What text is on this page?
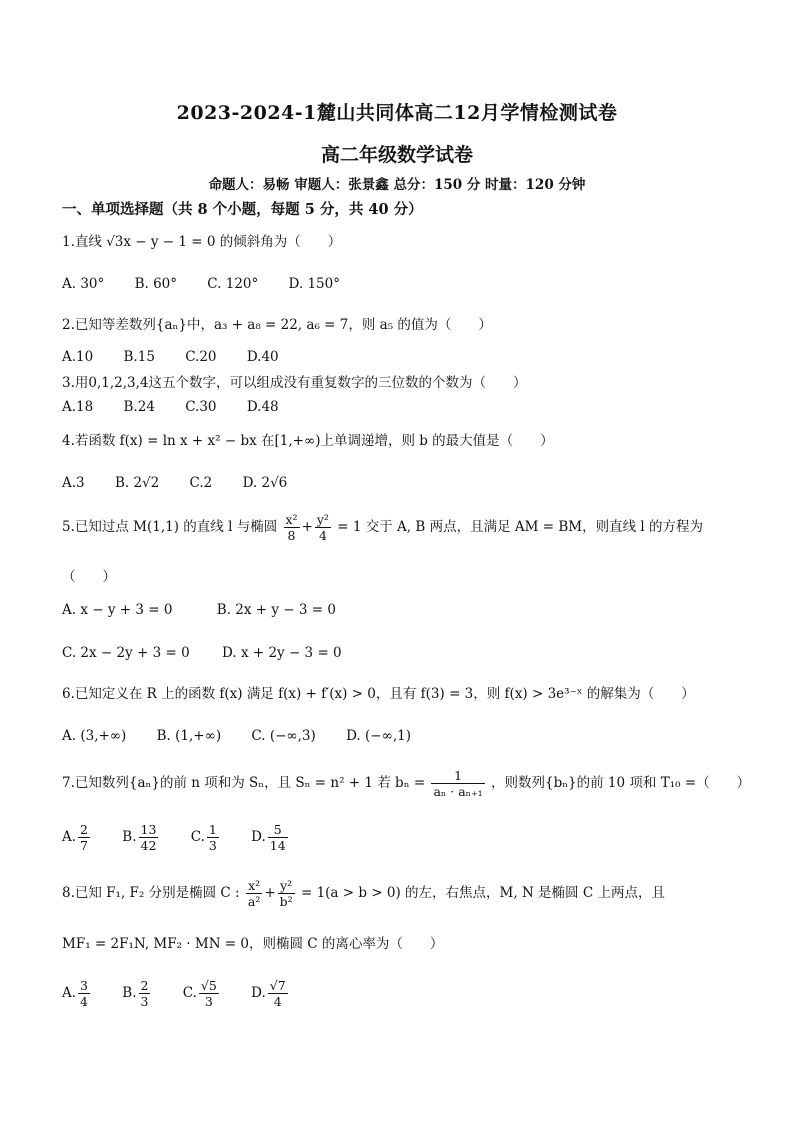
2023-2024-1麓山共同体高二12月学情检测试卷
高二年级数学试卷
命题人：易畅 审题人：张景鑫 总分：150 分 时量：120 分钟
一、单项选择题（共 8 个小题，每题 5 分，共 40 分）
1.直线 √3x − y − 1 = 0 的倾斜角为（　　）
A. 30° B. 60° C. 120° D. 150°
2.已知等差数列{aₙ}中，a₃ + a₈ = 22, a₆ = 7，则 a₅ 的值为（　　）
A.10 B.15 C.20 D.40
3.用0,1,2,3,4这五个数字，可以组成没有重复数字的三位数的个数为（　　）
A.18 B.24 C.30 D.48
4.若函数 f(x) = ln x + x² − bx 在[1,+∞)上单调递增，则 b 的最大值是（　　）
A.3 B. 2√2 C.2 D. 2√6
5.已知过点 M(1,1) 的直线 l 与椭圆 $\frac{\text{x²}}{8} + \frac{\text{y²}}{4} = 1$ 交于 A, B 两点，且满足 AM = BM，则直线 l 的方程为
（　　）
A. x − y + 3 = 0	B. 2x + y − 3 = 0
C. 2x − 2y + 3 = 0 D. x + 2y − 3 = 0
6.已知定义在 R 上的函数 f(x) 满足 f(x) + f′(x) > 0，且有 f(3) = 3，则 f(x) > 3e³⁻ˣ 的解集为（　　）
A. (3,+∞) B. (1,+∞) C. (−∞,3) D. (−∞,1)
7.已知数列{aₙ}的前 n 项和为 Sₙ，且 Sₙ = n² + 1 若 $b_n = \frac{1}{\text{aₙ · aₙ₊₁}}$ ，则数列{bₙ}的前 10 项和 T₁₀ =（　　）
A. $\frac{2}{7} B$. $\frac{13}{42} C$. $\frac{1}{3} D$. $\frac{5}{14}$
8.已知 F₁, F₂ 分别是椭圆 C : $\frac{\text{x²}}{\text{a²}} + \frac{\text{y²}}{\text{b²}} = 1(a > b > 0)$ 的左，右焦点，M, N 是椭圆 C 上两点，且
MF₁ = 2F₁N, MF₂ · MN = 0，则椭圆 C 的离心率为（　　）
A. $\frac{3}{4} B$. $\frac{2}{3} C$. $\frac{√5}{3} D$. $\frac{√7}{4}$
